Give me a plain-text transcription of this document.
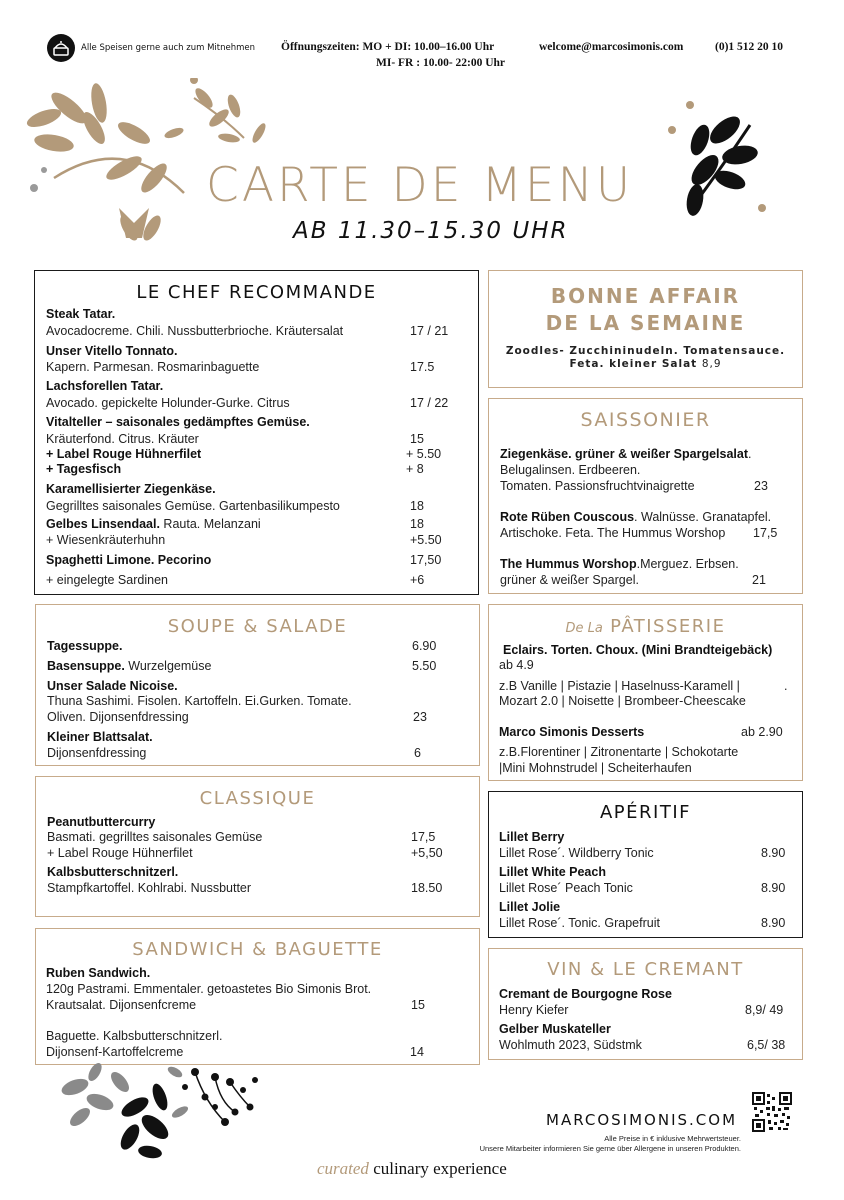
Alle Speisen gerne auch zum Mitnehmen Öffnungszeiten: MO + DI: 10.00–16.00 Uhr
MI- FR : 10.00- 22:00 Uhr
welcome@marcosimonis.com	(0)1 512 20 10
CARTE DE MENU
AB 11.30–15.30 UHR
LE CHEF RECOMMANDE
Steak Tatar.
Avocadocreme. Chili. Nussbutterbrioche. Kräutersalat	17 / 21
Unser Vitello Tonnato.
Kapern. Parmesan. Rosmarinbaguette	17.5
Lachsforellen Tatar.
Avocado. gepickelte Holunder-Gurke. Citrus	17 / 22
Vitalteller – saisonales gedämpftes Gemüse.
Kräuterfond. Citrus. Kräuter	15
+ Label Rouge Hühnerfilet	+ 5.50
+ Tagesfisch	+ 8
Karamellisierter Ziegenkäse.
Gegrilltes saisonales Gemüse. Gartenbasilikumpesto	18
Gelbes Linsendaal. Rauta. Melanzani	18
+ Wiesenkräuterhuhn	+5.50
Spaghetti Limone. Pecorino	17,50
+ eingelegte Sardinen	+6
BONNE AFFAIR
DE LA SEMAINE
Zoodles- Zucchininudeln. Tomatensauce.
Feta. kleiner Salat 8,9
SAISSONIER
Ziegenkäse. grüner & weißer Spargelsalat.
Belugalinsen. Erdbeeren.
Tomaten. Passionsfruchtvinaigrette	23
Rote Rüben Couscous. Walnüsse. Granatapfel.
Artischoke. Feta. The Hummus Worshop 17,5
The Hummus Worshop.Merguez. Erbsen.
grüner & weißer Spargel.	21
SOUPE & SALADE
Tagessuppe.	6.90
Basensuppe. Wurzelgemüse	5.50
Unser Salade Nicoise.
Thuna Sashimi. Fisolen. Kartoffeln. Ei.Gurken. Tomate.
Oliven. Dijonsenfdressing	23
Kleiner Blattsalat.
Dijonsenfdressing	6
De La PÂTISSERIE
Eclairs. Torten. Choux. (Mini Brandteigebäck)
ab 4.9
z.B Vanille | Pistazie | Haselnuss-Karamell |	.
Mozart 2.0 | Noisette | Brombeer-Cheescake
Marco Simonis Desserts	ab 2.90
z.B.Florentiner | Zitronentarte | Schokotarte
|Mini Mohnstrudel | Scheiterhaufen
CLASSIQUE
Peanutbuttercurry
Basmati. gegrilltes saisonales Gemüse	17,5
+ Label Rouge Hühnerfilet	+5,50
Kalbsbutterschnitzerl.
Stampfkartoffel. Kohlrabi. Nussbutter	18.50
APÉRITIF
Lillet Berry
Lillet Rose´. Wildberry Tonic	8.90
Lillet White Peach
Lillet Rose´ Peach Tonic	8.90
Lillet Jolie
Lillet Rose´. Tonic. Grapefruit	8.90
SANDWICH & BAGUETTE
Ruben Sandwich.
120g Pastrami. Emmentaler. getoastetes Bio Simonis Brot.
Krautsalat. Dijonsenfcreme	15
Baguette. Kalbsbutterschnitzerl.
Dijonsenf-Kartoffelcreme	14
VIN & LE CREMANT
Cremant de Bourgogne Rose
Henry Kiefer	8,9/ 49
Gelber Muskateller
Wohlmuth 2023, Südstmk	6,5/ 38
MARCOSIMONIS.COM
Alle Preise in € inklusive Mehrwertsteuer.
Unsere Mitarbeiter informieren Sie gerne über Allergene in unseren Produkten.
curated culinary experience
